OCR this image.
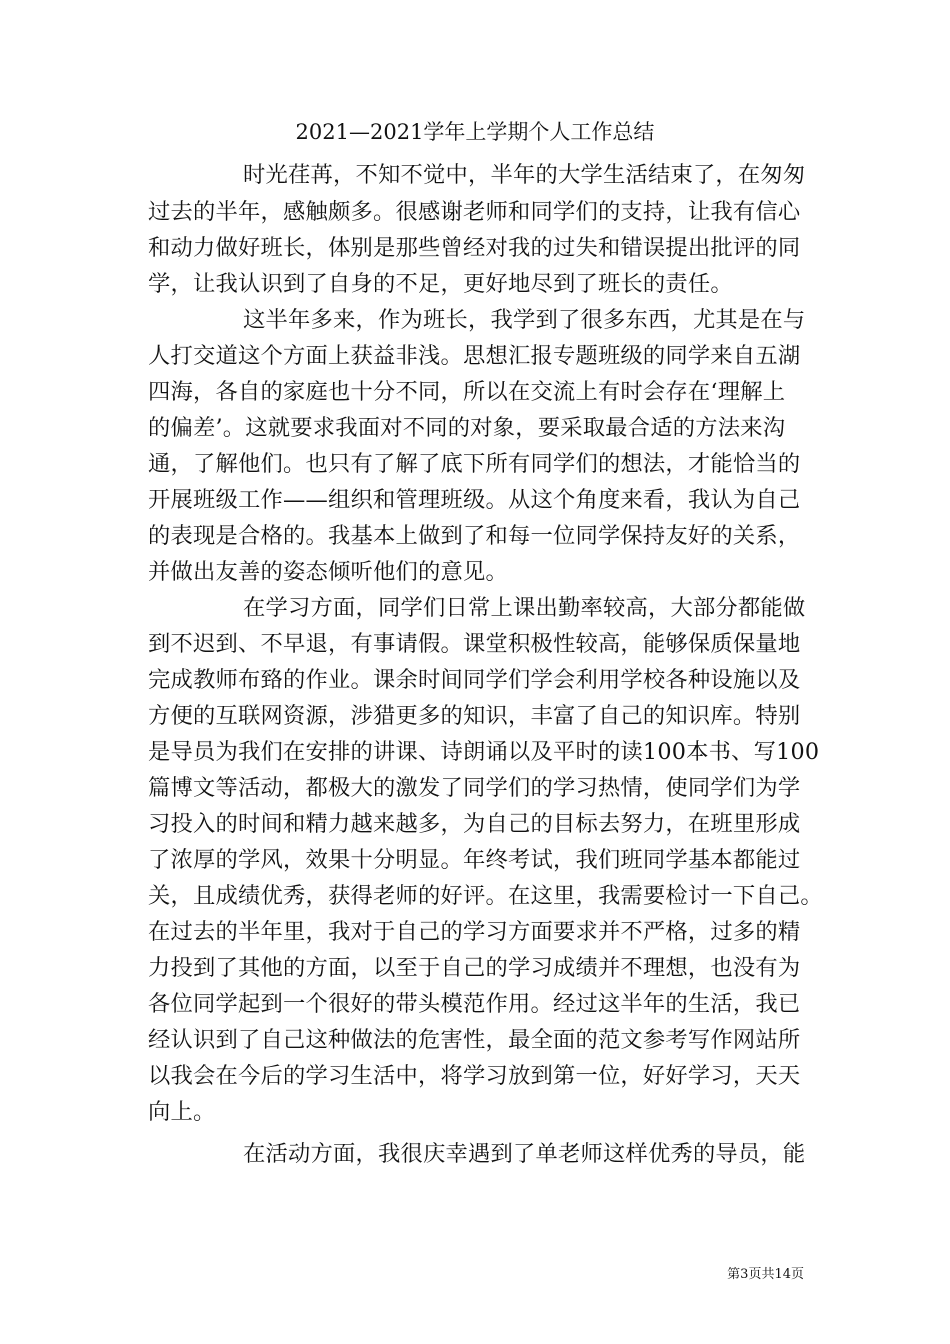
2021—2021学年上学期个人工作总结
时光荏苒，不知不觉中，半年的大学生活结束了，在匆匆
过去的半年，感触颇多。很感谢老师和同学们的支持，让我有信心
和动力做好班长，体别是那些曾经对我的过失和错误提出批评的同
学，让我认识到了自身的不足，更好地尽到了班长的责任。
这半年多来，作为班长，我学到了很多东西，尤其是在与
人打交道这个方面上获益非浅。思想汇报专题班级的同学来自五湖
四海，各自的家庭也十分不同，所以在交流上有时会存在‘理解上
的偏差’。这就要求我面对不同的对象，要采取最合适的方法来沟
通，了解他们。也只有了解了底下所有同学们的想法，才能恰当的
开展班级工作——组织和管理班级。从这个角度来看，我认为自己
的表现是合格的。我基本上做到了和每一位同学保持友好的关系，
并做出友善的姿态倾听他们的意见。
在学习方面，同学们日常上课出勤率较高，大部分都能做
到不迟到、不早退，有事请假。课堂积极性较高，能够保质保量地
完成教师布臵的作业。课余时间同学们学会利用学校各种设施以及
方便的互联网资源，涉猎更多的知识，丰富了自己的知识库。特别
是导员为我们在安排的讲课、诗朗诵以及平时的读100本书、写100
篇博文等活动，都极大的激发了同学们的学习热情，使同学们为学
习投入的时间和精力越来越多，为自己的目标去努力，在班里形成
了浓厚的学风，效果十分明显。年终考试，我们班同学基本都能过
关，且成绩优秀，获得老师的好评。在这里，我需要检讨一下自己。
在过去的半年里，我对于自己的学习方面要求并不严格，过多的精
力投到了其他的方面，以至于自己的学习成绩并不理想，也没有为
各位同学起到一个很好的带头模范作用。经过这半年的生活，我已
经认识到了自己这种做法的危害性，最全面的范文参考写作网站所
以我会在今后的学习生活中，将学习放到第一位，好好学习，天天
向上。
在活动方面，我很庆幸遇到了单老师这样优秀的导员，能
第3页共14页
